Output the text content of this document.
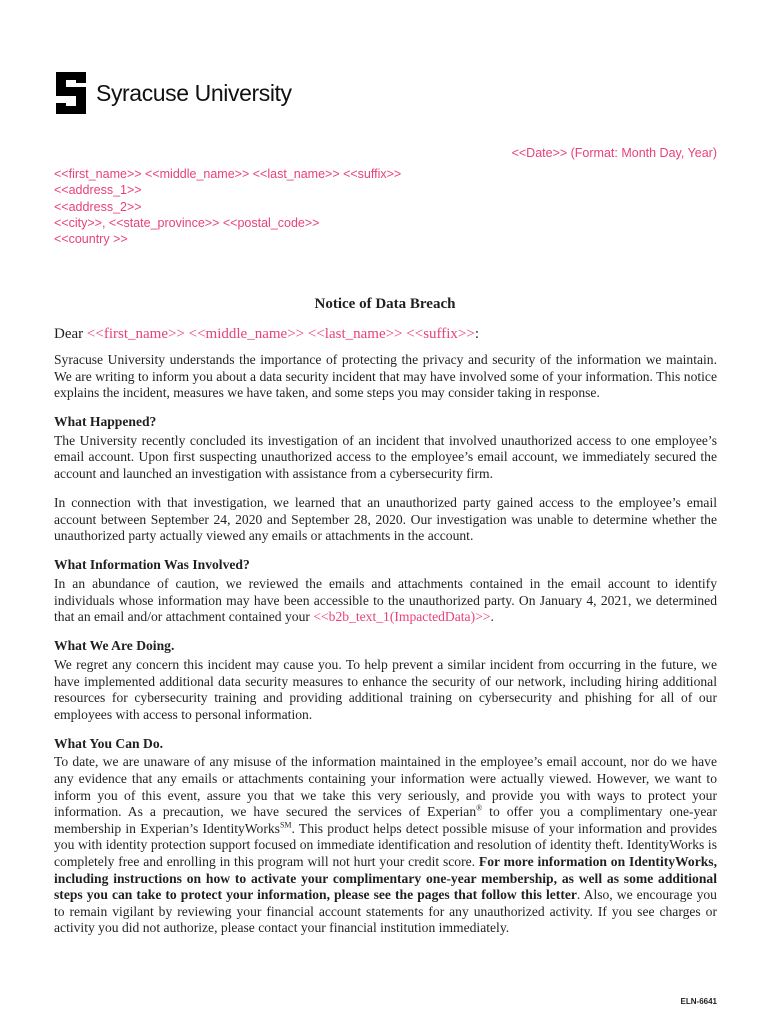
Syracuse University
<<Date>> (Format: Month Day, Year)
<<first_name>> <<middle_name>> <<last_name>> <<suffix>>
<<address_1>>
<<address_2>>
<<city>>, <<state_province>> <<postal_code>>
<<country >>
Notice of Data Breach
Dear <<first_name>> <<middle_name>> <<last_name>> <<suffix>>:

Syracuse University understands the importance of protecting the privacy and security of the information we maintain. We are writing to inform you about a data security incident that may have involved some of your information. This notice explains the incident, measures we have taken, and some steps you may consider taking in response.

What Happened?

The University recently concluded its investigation of an incident that involved unauthorized access to one employee’s email account. Upon first suspecting unauthorized access to the employee’s email account, we immediately secured the account and launched an investigation with assistance from a cybersecurity firm.

In connection with that investigation, we learned that an unauthorized party gained access to the employee’s email account between September 24, 2020 and September 28, 2020. Our investigation was unable to determine whether the unauthorized party actually viewed any emails or attachments in the account.

What Information Was Involved?

In an abundance of caution, we reviewed the emails and attachments contained in the email account to identify individuals whose information may have been accessible to the unauthorized party. On January 4, 2021, we determined that an email and/or attachment contained your <<b2b_text_1(ImpactedData)>>.

What We Are Doing.

We regret any concern this incident may cause you. To help prevent a similar incident from occurring in the future, we have implemented additional data security measures to enhance the security of our network, including hiring additional resources for cybersecurity training and providing additional training on cybersecurity and phishing for all of our employees with access to personal information.

What You Can Do.

To date, we are unaware of any misuse of the information maintained in the employee’s email account, nor do we have any evidence that any emails or attachments containing your information were actually viewed. However, we want to inform you of this event, assure you that we take this very seriously, and provide you with ways to protect your information. As a precaution, we have secured the services of Experian® to offer you a complimentary one-year membership in Experian’s IdentityWorks℠. This product helps detect possible misuse of your information and provides you with identity protection support focused on immediate identification and resolution of identity theft. IdentityWorks is completely free and enrolling in this program will not hurt your credit score. For more information on IdentityWorks, including instructions on how to activate your complimentary one-year membership, as well as some additional steps you can take to protect your information, please see the pages that follow this letter. Also, we encourage you to remain vigilant by reviewing your financial account statements for any unauthorized activity. If you see charges or activity you did not authorize, please contact your financial institution immediately.

ELN-6641
